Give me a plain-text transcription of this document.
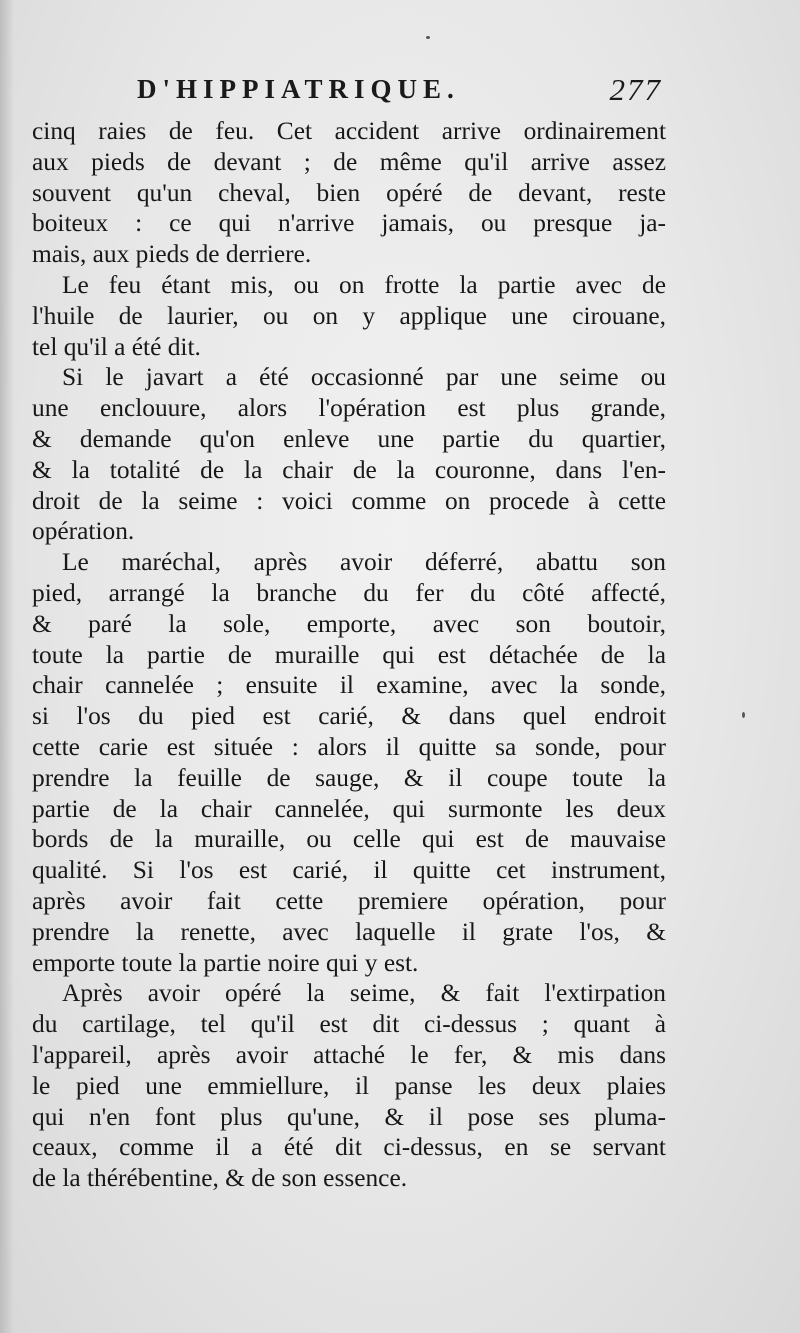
D'HIPPIATRIQUE.	277
cinq raies de feu. Cet accident arrive ordinairement
aux pieds de devant ; de même qu'il arrive assez
souvent qu'un cheval, bien opéré de devant, reste
boiteux : ce qui n'arrive jamais, ou presque ja-
mais, aux pieds de derriere.
Le feu étant mis, ou on frotte la partie avec de
l'huile de laurier, ou on y applique une cirouane,
tel qu'il a été dit.
Si le javart a été occasionné par une seime ou
une enclouure, alors l'opération est plus grande,
& demande qu'on enleve une partie du quartier,
& la totalité de la chair de la couronne, dans l'en-
droit de la seime : voici comme on procede à cette
opération.
Le maréchal, après avoir déferré, abattu son
pied, arrangé la branche du fer du côté affecté,
& paré la sole, emporte, avec son boutoir,
toute la partie de muraille qui est détachée de la
chair cannelée ; ensuite il examine, avec la sonde,
si l'os du pied est carié, & dans quel endroit
cette carie est située : alors il quitte sa sonde, pour
prendre la feuille de sauge, & il coupe toute la
partie de la chair cannelée, qui surmonte les deux
bords de la muraille, ou celle qui est de mauvaise
qualité. Si l'os est carié, il quitte cet instrument,
après avoir fait cette premiere opération, pour
prendre la renette, avec laquelle il grate l'os, &
emporte toute la partie noire qui y est.
Après avoir opéré la seime, & fait l'extirpation
du cartilage, tel qu'il est dit ci-dessus ; quant à
l'appareil, après avoir attaché le fer, & mis dans
le pied une emmiellure, il panse les deux plaies
qui n'en font plus qu'une, & il pose ses pluma-
ceaux, comme il a été dit ci-dessus, en se servant
de la thérébentine, & de son essence.
